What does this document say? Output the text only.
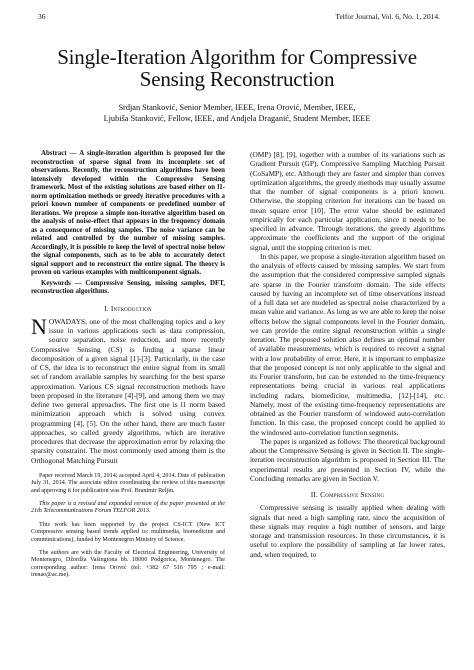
36	Telfor Journal, Vol. 6, No. 1, 2014.
Single-Iteration Algorithm for Compressive
Sensing Reconstruction
Srdjan Stanković, Senior Member, IEEE, Irena Orović, Member, IEEE,
Ljubiša Stanković, Fellow, IEEE, and Andjela Draganić, Student Member, IEEE

Abstract — A single-iteration algorithm is proposed for the reconstruction of sparse signal from its incomplete set of observations. Recently, the reconstruction algorithms have been intensively developed within the Compressive Sensing framework. Most of the existing solutions are based either on l1-norm optimization methods or greedy iterative procedures with a priori known number of components or predefined number of iterations. We propose a simple non-iterative algorithm based on the analysis of noise-effect that appears in the frequency domain as a consequence of missing samples. The noise variance can be related and controlled by the number of missing samples. Accordingly, it is possible to keep the level of spectral noise below the signal components, such as to be able to accurately detect signal support and to reconstruct the entire signal. The theory is proven on various examples with multicomponent signals.

Keywords — Compressive Sensing, missing samples, DFT, reconstruction algorithms.

I. Introduction

NOWADAYS, one of the most challenging topics and a key issue in various applications such as data compression, source separation, noise reduction, and more recently Compressive Sensing (CS) is finding a sparse linear decomposition of a given signal [1]-[3]. Particularly, in the case of CS, the idea is to reconstruct the entire signal from its small set of random available samples by searching for the best sparse approximation. Various CS signal reconstruction methods have been proposed in the literature [4]-[9], and among them we may define two general approaches. The first one is l1 norm based minimization approach which is solved using convex programming [4], [5]. On the other hand, there are much faster approaches, so called greedy algorithms, which are iterative procedures that decrease the approximation error by relaxing the sparsity constraint. The most commonly used among them is the Orthogonal Matching Pursuit

Paper received March 19, 2014; accepted April 4, 2014. Date of publication July 31, 2014. The associate editor coordinating the review of this manuscript and approving it for publication was Prof. Branimir Reljin.

This paper is a revised and expanded version of the paper presented at the 21th Telecommunications Forum TELFOR 2013.

This work has been supported by the project CS-ICT (New ICT Compressive sensing based trends applied to: multimedia, biomedicine and communications), funded by Montenegrin Ministry of Science.

The authors are with the Faculty of Electrical Engineering, University of Montenegro, Džordža Vašingtona bb. 18000 Podgorica, Montenegro. The corresponding author: Irena Orović (tel: +382 67 516 795 ; e-mail: irenao@ac.me).

(OMP) [8], [9], together with a number of its variations such as Gradient Pursuit (GP), Compressive Sampling Matching Pursuit (CoSaMP), etc. Although they are faster and simpler than convex optimization algorithms, the greedy methods may usually assume that the number of signal components is a priori known. Otherwise, the stopping criterion for iterations can be based on mean square error [10]. The error value should be estimated empirically for each particular application, since it needs to be specified in advance. Through iterations, the greedy algorithms approximate the coefficients and the support of the original signal, until the stopping criterion is met.

In this paper, we propose a single-iteration algorithm based on the analysis of effects caused by missing samples. We start from the assumption that the considered compressive sampled signals are sparse in the Fourier transform domain. The side effects caused by having an incomplete set of time observations instead of a full data set are modeled as spectral noise characterized by a mean value and variance. As long as we are able to keep the noise effects below the signal components level in the Fourier domain, we can provide the entire signal reconstruction within a single iteration. The proposed solution also defines an optimal number of available measurements, which is required to recover a signal with a low probability of error. Here, it is important to emphasize that the proposed concept is not only applicable to the signal and its Fourier transform, but can be extended to the time-frequency representations being crucial in various real applications including radars, biomedicine, multimedia, [12]-[14], etc. Namely, most of the existing time-frequency representations are obtained as the Fourier transform of windowed auto-correlation function. In this case, the proposed concept could be applied to the windowed auto-correlation function segments.

The paper is organized as follows: The theoretical background about the Compressive Sensing is given in Section II. The single-iteration reconstruction algorithm is proposed in Section III. The experimental results are presented in Section IV, while the Concluding remarks are given in Section V.

II. Compressive Sensing

Compressive sensing is usually applied when dealing with signals that need a high sampling rate, since the acquisition of these signals may require a high number of sensors, and large storage and transmission resources. In these circumstances, it is useful to explore the possibility of sampling at far lower rates, and, when required, to
